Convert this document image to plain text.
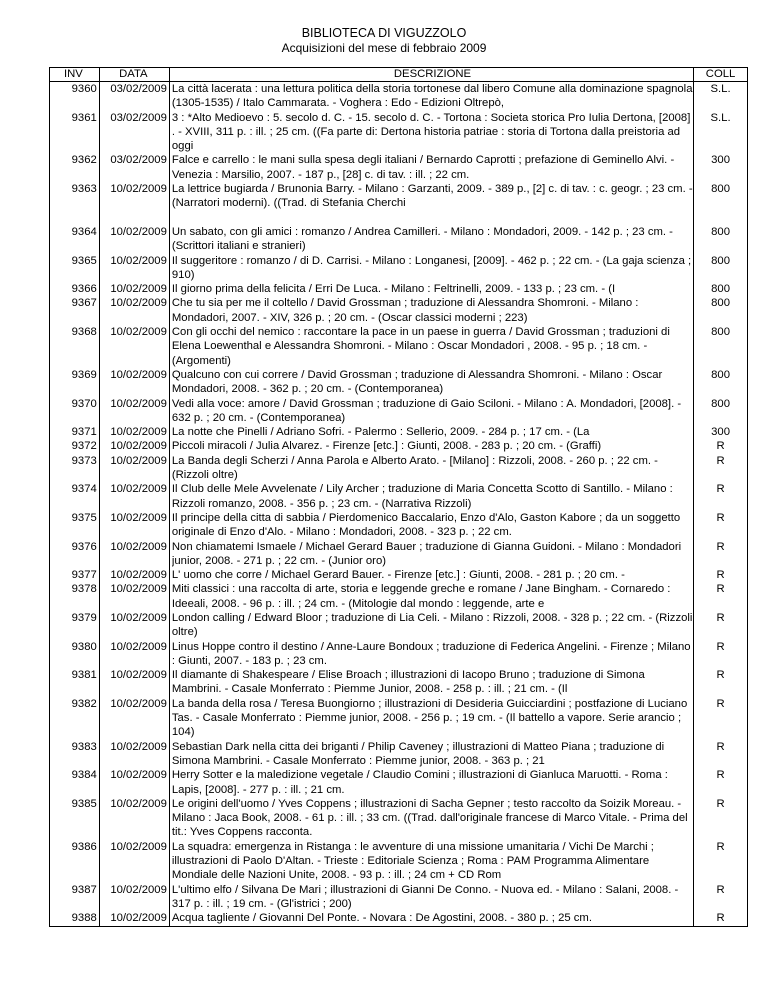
BIBLIOTECA DI VIGUZZOLO
Acquisizioni del mese di febbraio 2009
INV	DATA	DESCRIZIONE	COLL
9360	03/02/2009	La città lacerata : una lettura politica della storia tortonese dal libero Comune alla dominazione spagnola (1305-1535) / Italo Cammarata. - Voghera : Edo - Edizioni Oltrepò,	S.L.
9361	03/02/2009	3 : *Alto Medioevo : 5. secolo d. C. - 15. secolo d. C. - Tortona : Societa storica Pro Iulia Dertona, [2008] . - XVIII, 311 p. : ill. ; 25 cm. ((Fa parte di: Dertona historia patriae : storia di Tortona dalla preistoria ad oggi	S.L.
9362	03/02/2009	Falce e carrello : le mani sulla spesa degli italiani / Bernardo Caprotti ; prefazione di Geminello Alvi. - Venezia : Marsilio, 2007. - 187 p., [28] c. di tav. : ill. ; 22 cm.	300
9363	10/02/2009	La lettrice bugiarda / Brunonia Barry. - Milano : Garzanti, 2009. - 389 p., [2] c. di tav. : c. geogr. ; 23 cm. - (Narratori moderni). ((Trad. di Stefania Cherchi	800
9364	10/02/2009	Un sabato, con gli amici : romanzo / Andrea Camilleri. - Milano : Mondadori, 2009. - 142 p. ; 23 cm. - (Scrittori italiani e stranieri)	800
9365	10/02/2009	Il suggeritore : romanzo / di D. Carrisi. - Milano : Longanesi, [2009]. - 462 p. ; 22 cm. - (La gaja scienza ; 910)	800
9366	10/02/2009	Il giorno prima della felicita / Erri De Luca. - Milano : Feltrinelli, 2009. - 133 p. ; 23 cm. - (I	800
9367	10/02/2009	Che tu sia per me il coltello / David Grossman ; traduzione di Alessandra Shomroni. - Milano : Mondadori, 2007. - XIV, 326 p. ; 20 cm. - (Oscar classici moderni ; 223)	800
9368	10/02/2009	Con gli occhi del nemico : raccontare la pace in un paese in guerra / David Grossman ; traduzioni di Elena Loewenthal e Alessandra Shomroni. - Milano : Oscar Mondadori , 2008. - 95 p. ; 18 cm. - (Argomenti)	800
9369	10/02/2009	Qualcuno con cui correre / David Grossman ; traduzione di Alessandra Shomroni. - Milano : Oscar Mondadori, 2008. - 362 p. ; 20 cm. - (Contemporanea)	800
9370	10/02/2009	Vedi alla voce: amore / David Grossman ; traduzione di Gaio Sciloni. - Milano : A. Mondadori, [2008]. - 632 p. ; 20 cm. - (Contemporanea)	800
9371	10/02/2009	La notte che Pinelli / Adriano Sofri. - Palermo : Sellerio, 2009. - 284 p. ; 17 cm. - (La	300
9372	10/02/2009	Piccoli miracoli / Julia Alvarez. - Firenze [etc.] : Giunti, 2008. - 283 p. ; 20 cm. - (Graffi)	R
9373	10/02/2009	La Banda degli Scherzi / Anna Parola e Alberto Arato. - [Milano] : Rizzoli, 2008. - 260 p. ; 22 cm. - (Rizzoli oltre)	R
9374	10/02/2009	Il Club delle Mele Avvelenate / Lily Archer ; traduzione di Maria Concetta Scotto di Santillo. - Milano : Rizzoli romanzo, 2008. - 356 p. ; 23 cm. - (Narrativa Rizzoli)	R
9375	10/02/2009	Il principe della citta di sabbia / Pierdomenico Baccalario, Enzo d'Alo, Gaston Kabore ; da un soggetto originale di Enzo d'Alo. - Milano : Mondadori, 2008. - 323 p. ; 22 cm.	R
9376	10/02/2009	Non chiamatemi Ismaele / Michael Gerard Bauer ; traduzione di Gianna Guidoni. - Milano : Mondadori junior, 2008. - 271 p. ; 22 cm. - (Junior oro)	R
9377	10/02/2009	L' uomo che corre / Michael Gerard Bauer. - Firenze [etc.] : Giunti, 2008. - 281 p. ; 20 cm. -	R
9378	10/02/2009	Miti classici : una raccolta di arte, storia e leggende greche e romane / Jane Bingham. - Cornaredo : Ideeali, 2008. - 96 p. : ill. ; 24 cm. - (Mitologie dal mondo : leggende, arte e	R
9379	10/02/2009	London calling / Edward Bloor ; traduzione di Lia Celi. - Milano : Rizzoli, 2008. - 328 p. ; 22 cm. - (Rizzoli oltre)	R
9380	10/02/2009	Linus Hoppe contro il destino / Anne-Laure Bondoux ; traduzione di Federica Angelini. - Firenze ; Milano : Giunti, 2007. - 183 p. ; 23 cm.	R
9381	10/02/2009	Il diamante di Shakespeare / Elise Broach ; illustrazioni di Iacopo Bruno ; traduzione di Simona Mambrini. - Casale Monferrato : Piemme Junior, 2008. - 258 p. : ill. ; 21 cm. - (Il	R
9382	10/02/2009	La banda della rosa / Teresa Buongiorno ; illustrazioni di Desideria Guicciardini ; postfazione di Luciano Tas. - Casale Monferrato : Piemme junior, 2008. - 256 p. ; 19 cm. - (Il battello a vapore. Serie arancio ; 104)	R
9383	10/02/2009	Sebastian Dark nella citta dei briganti / Philip Caveney ; illustrazioni di Matteo Piana ; traduzione di Simona Mambrini. - Casale Monferrato : Piemme junior, 2008. - 363 p. ; 21	R
9384	10/02/2009	Herry Sotter e la maledizione vegetale / Claudio Comini ; illustrazioni di Gianluca Maruotti. - Roma : Lapis, [2008]. - 277 p. : ill. ; 21 cm.	R
9385	10/02/2009	Le origini dell'uomo / Yves Coppens ; illustrazioni di Sacha Gepner ; testo raccolto da Soizik Moreau. - Milano : Jaca Book, 2008. - 61 p. : ill. ; 33 cm. ((Trad. dall'originale francese di Marco Vitale. - Prima del tit.: Yves Coppens racconta.	R
9386	10/02/2009	La squadra: emergenza in Ristanga : le avventure di una missione umanitaria / Vichi De Marchi ; illustrazioni di Paolo D'Altan. - Trieste : Editoriale Scienza ; Roma : PAM Programma Alimentare Mondiale delle Nazioni Unite, 2008. - 93 p. : ill. ; 24 cm + CD Rom	R
9387	10/02/2009	L'ultimo elfo / Silvana De Mari ; illustrazioni di Gianni De Conno. - Nuova ed. - Milano : Salani, 2008. - 317 p. : ill. ; 19 cm. - (Gl'istrici ; 200)	R
9388	10/02/2009	Acqua tagliente / Giovanni Del Ponte. - Novara : De Agostini, 2008. - 380 p. ; 25 cm.	R
